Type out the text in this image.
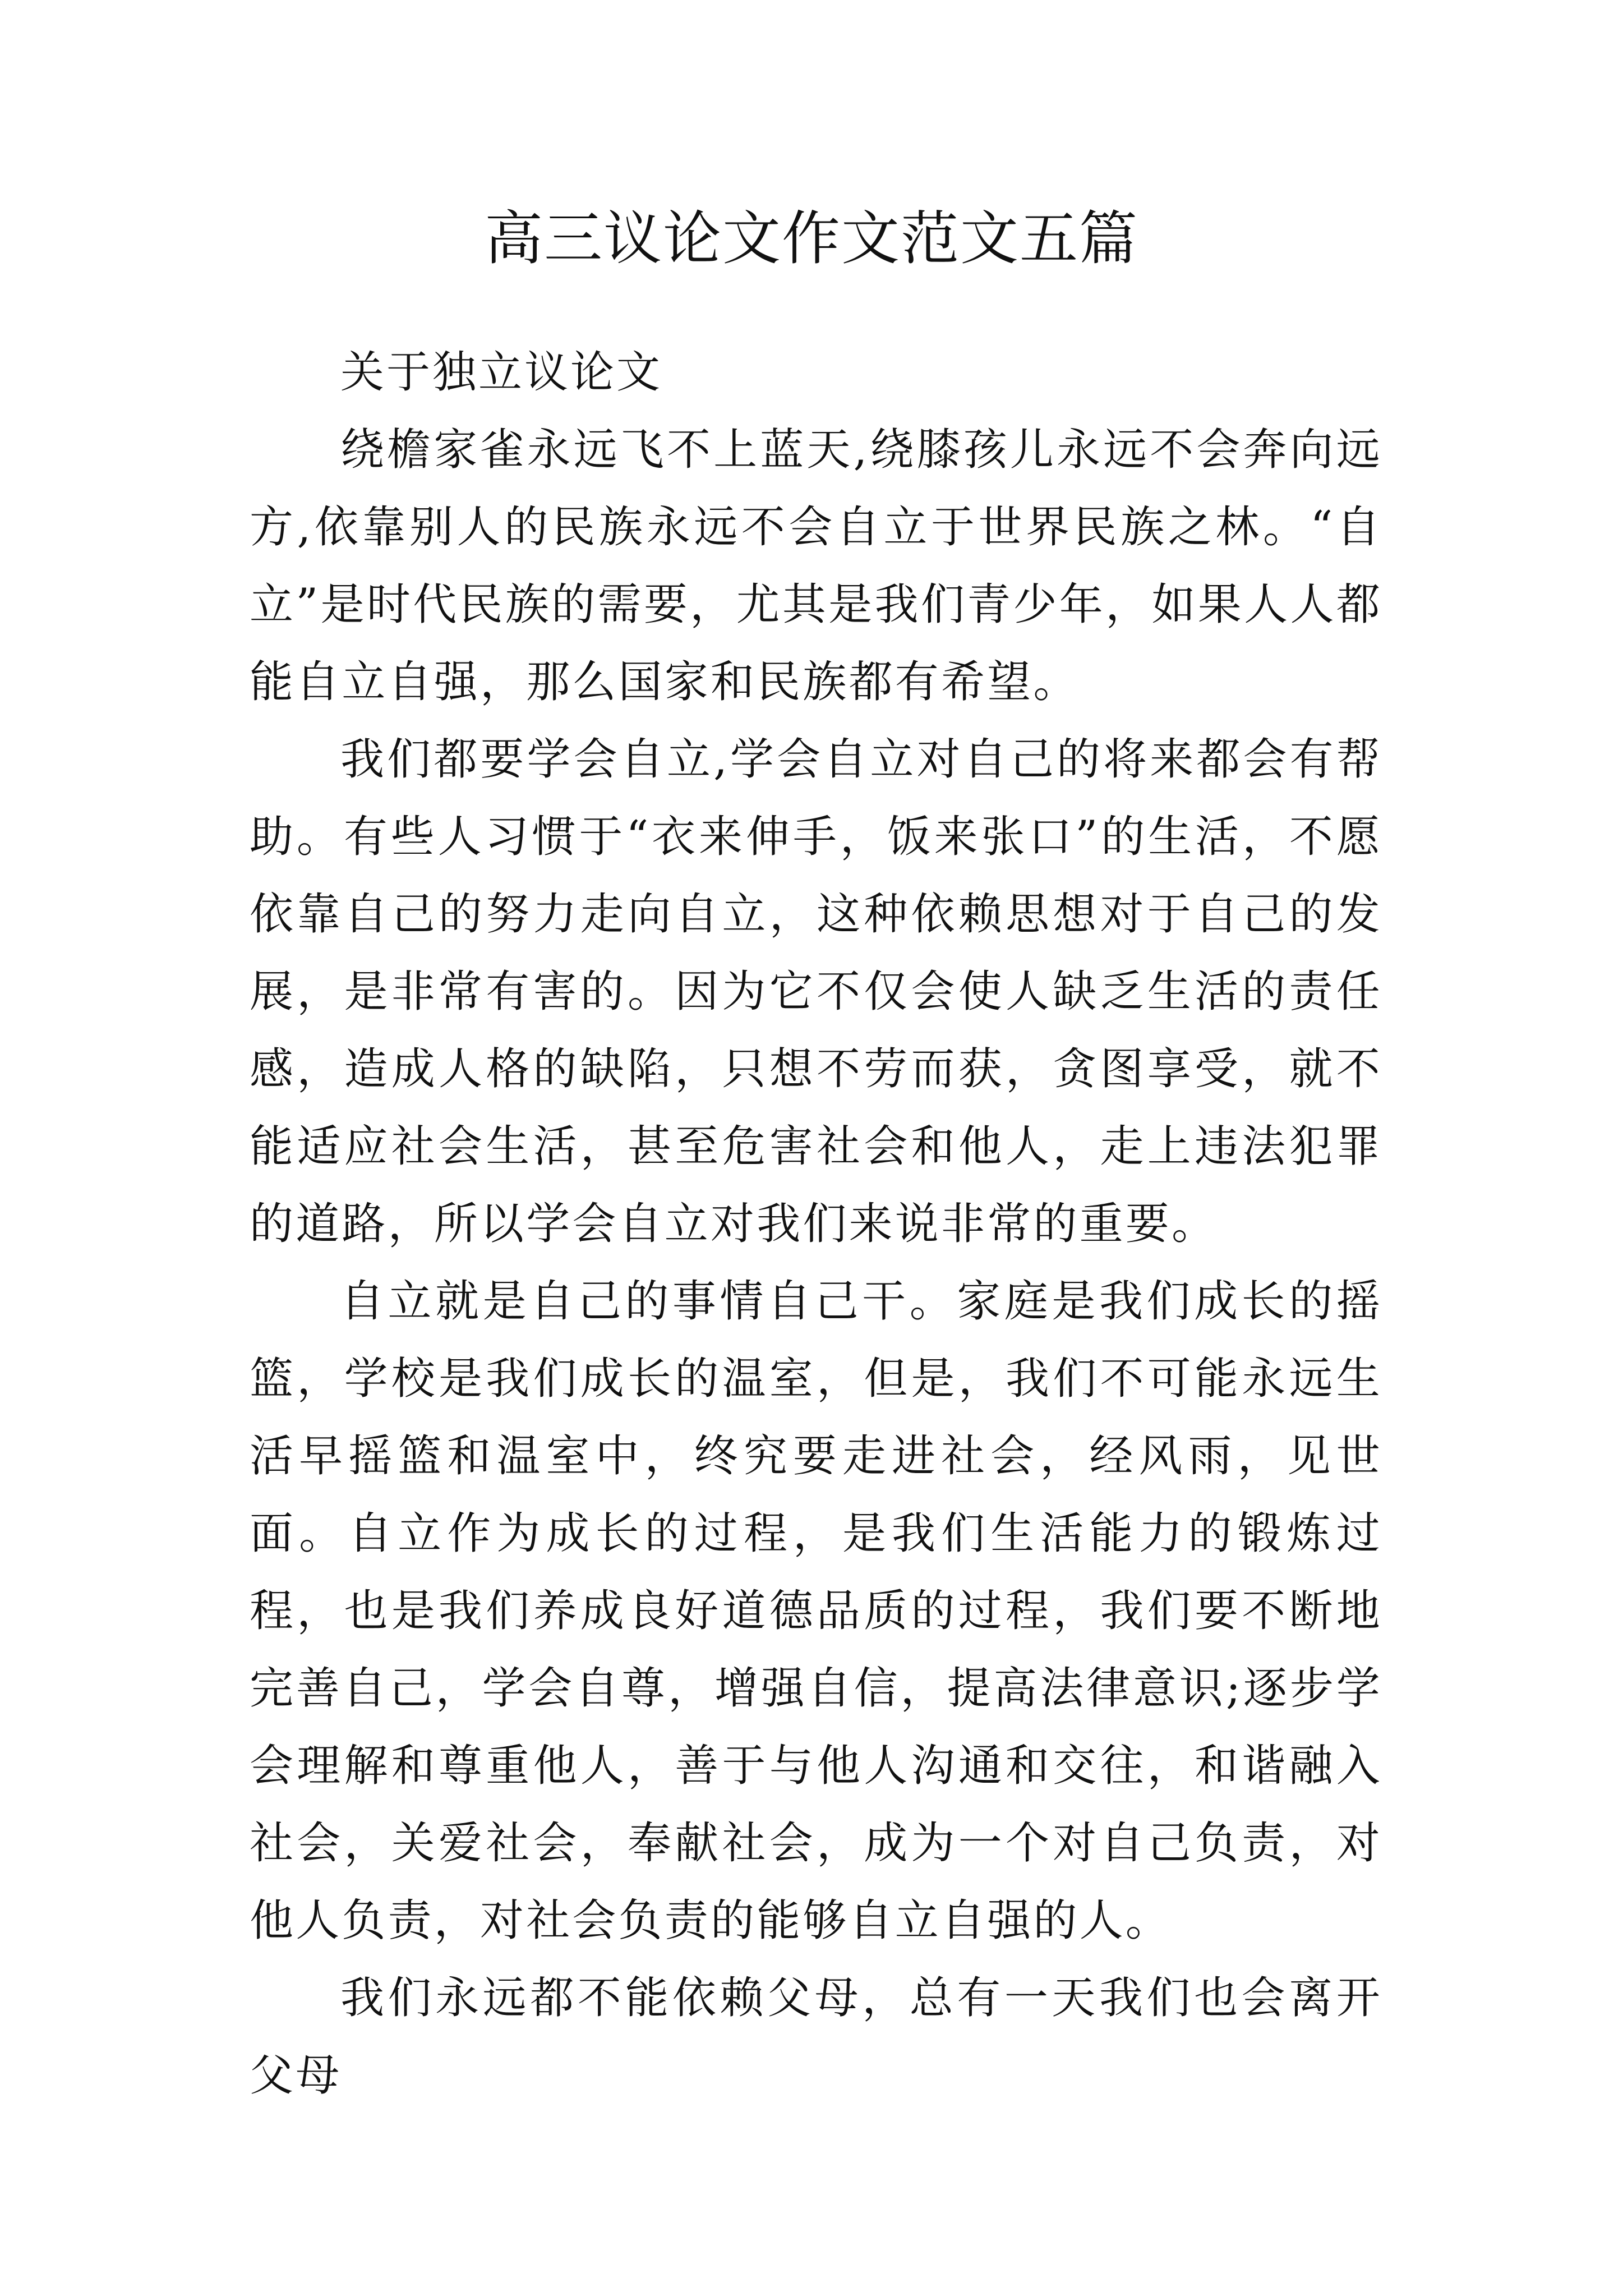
高三议论文作文范文五篇

关于独立议论文

绕檐家雀永远飞不上蓝天,绕膝孩儿永远不会奔向远方,依靠别人的民族永远不会自立于世界民族之林。“自立”是时代民族的需要，尤其是我们青少年，如果人人都能自立自强，那么国家和民族都有希望。

我们都要学会自立,学会自立对自己的将来都会有帮助。有些人习惯于“衣来伸手，饭来张口”的生活，不愿依靠自己的努力走向自立，这种依赖思想对于自己的发展，是非常有害的。因为它不仅会使人缺乏生活的责任感，造成人格的缺陷，只想不劳而获，贪图享受，就不能适应社会生活，甚至危害社会和他人，走上违法犯罪的道路，所以学会自立对我们来说非常的重要。

自立就是自己的事情自己干。家庭是我们成长的摇篮，学校是我们成长的温室，但是，我们不可能永远生活早摇篮和温室中，终究要走进社会，经风雨，见世面。自立作为成长的过程，是我们生活能力的锻炼过程，也是我们养成良好道德品质的过程，我们要不断地完善自己，学会自尊，增强自信，提高法律意识;逐步学会理解和尊重他人，善于与他人沟通和交往，和谐融入社会，关爱社会，奉献社会，成为一个对自己负责，对他人负责，对社会负责的能够自立自强的人。

我们永远都不能依赖父母，总有一天我们也会离开父母
